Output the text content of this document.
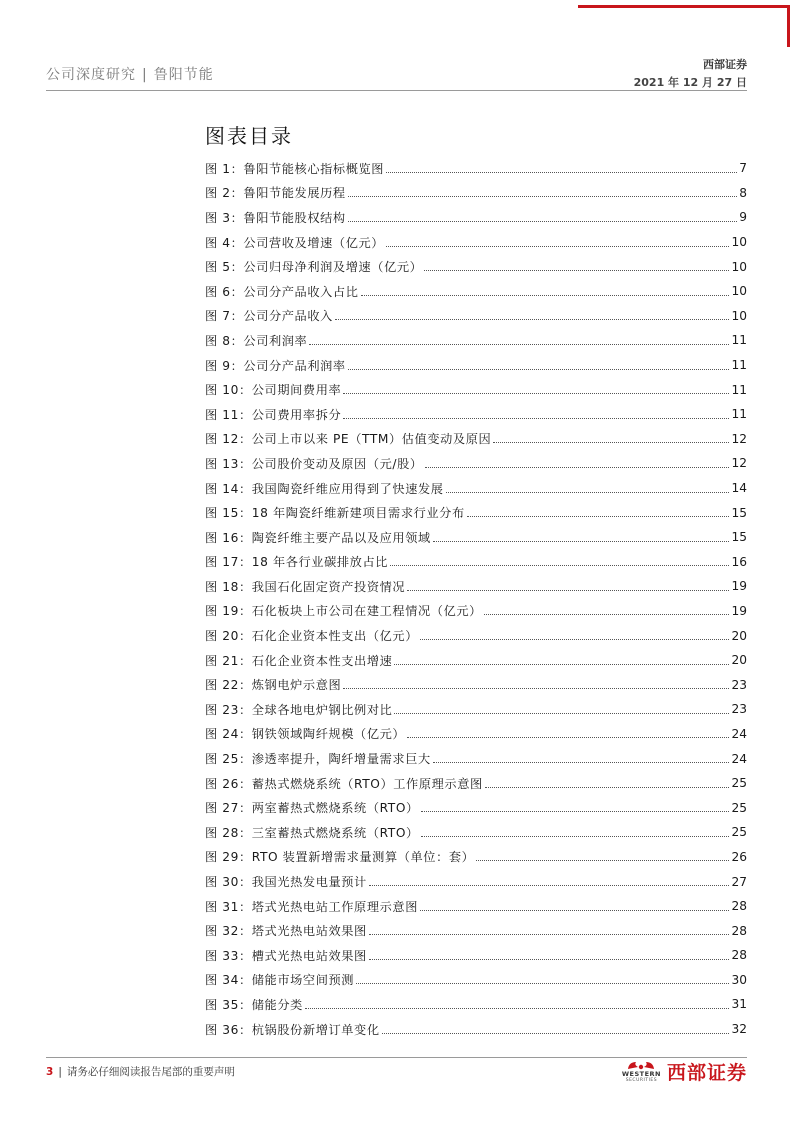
公司深度研究 | 鲁阳节能
西部证券
2021 年 12 月 27 日
图表目录
图 1：鲁阳节能核心指标概览图	7
图 2：鲁阳节能发展历程	8
图 3：鲁阳节能股权结构	9
图 4：公司营收及增速（亿元）	10
图 5：公司归母净利润及增速（亿元）	10
图 6：公司分产品收入占比	10
图 7：公司分产品收入	10
图 8：公司利润率	11
图 9：公司分产品利润率	11
图 10：公司期间费用率	11
图 11：公司费用率拆分	11
图 12：公司上市以来 PE（TTM）估值变动及原因	12
图 13：公司股价变动及原因（元/股）	12
图 14：我国陶瓷纤维应用得到了快速发展	14
图 15：18 年陶瓷纤维新建项目需求行业分布	15
图 16：陶瓷纤维主要产品以及应用领域	15
图 17：18 年各行业碳排放占比	16
图 18：我国石化固定资产投资情况	19
图 19：石化板块上市公司在建工程情况（亿元）	19
图 20：石化企业资本性支出（亿元）	20
图 21：石化企业资本性支出增速	20
图 22：炼钢电炉示意图	23
图 23：全球各地电炉钢比例对比	23
图 24：钢铁领域陶纤规模（亿元）	24
图 25：渗透率提升，陶纤增量需求巨大	24
图 26：蓄热式燃烧系统（RTO）工作原理示意图	25
图 27：两室蓄热式燃烧系统（RTO）	25
图 28：三室蓄热式燃烧系统（RTO）	25
图 29：RTO 装置新增需求量测算（单位：套）	26
图 30：我国光热发电量预计	27
图 31：塔式光热电站工作原理示意图	28
图 32：塔式光热电站效果图	28
图 33：槽式光热电站效果图	28
图 34：储能市场空间预测	30
图 35：储能分类	31
图 36：杭锅股份新增订单变化	32
3 | 请务必仔细阅读报告尾部的重要声明	WESTERN
SECURITIES 西部证券
